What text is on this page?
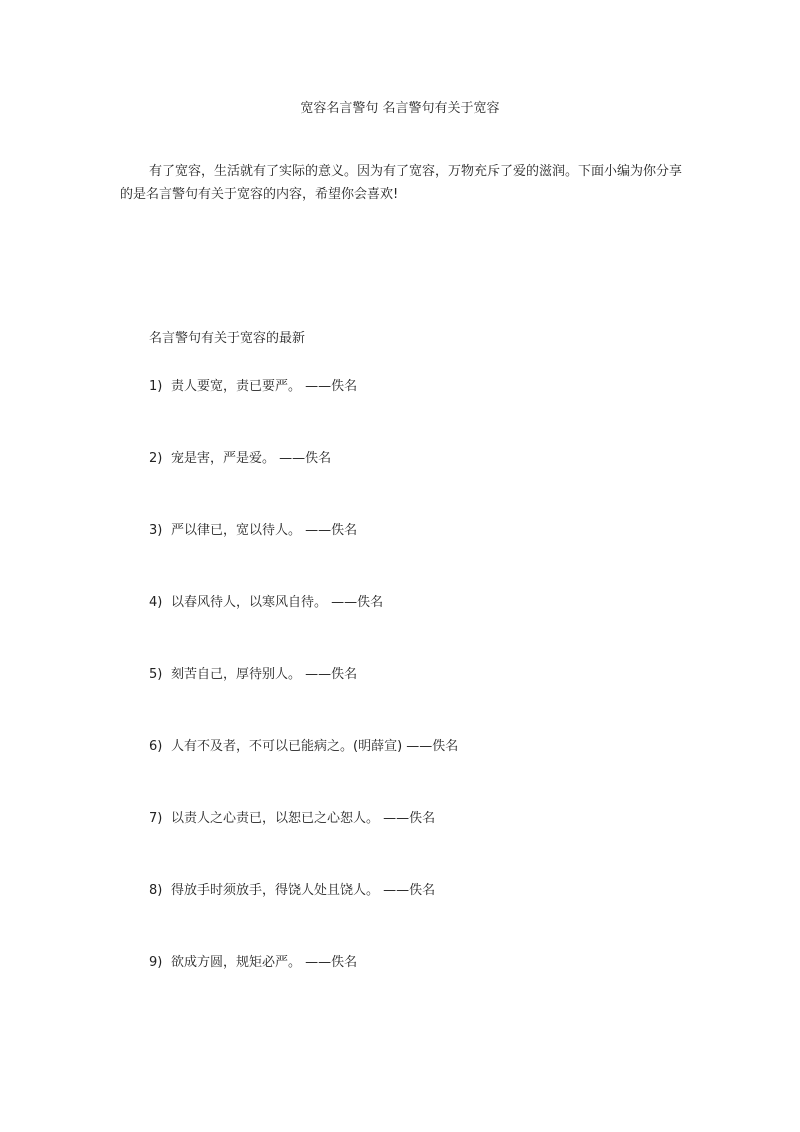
宽容名言警句 名言警句有关于宽容

有了宽容，生活就有了实际的意义。因为有了宽容，万物充斥了爱的滋润。下面小编为你分享的是名言警句有关于宽容的内容，希望你会喜欢!

名言警句有关于宽容的最新
1) 责人要宽，责已要严。 ——佚名
2) 宠是害，严是爱。 ——佚名
3) 严以律已，宽以待人。 ——佚名
4) 以春风待人，以寒风自待。 ——佚名
5) 刻苦自己，厚待别人。 ——佚名
6) 人有不及者，不可以已能病之。(明薛宣) ——佚名
7) 以责人之心责已，以恕已之心恕人。 ——佚名
8) 得放手时须放手，得饶人处且饶人。 ——佚名
9) 欲成方圆，规矩必严。 ——佚名
